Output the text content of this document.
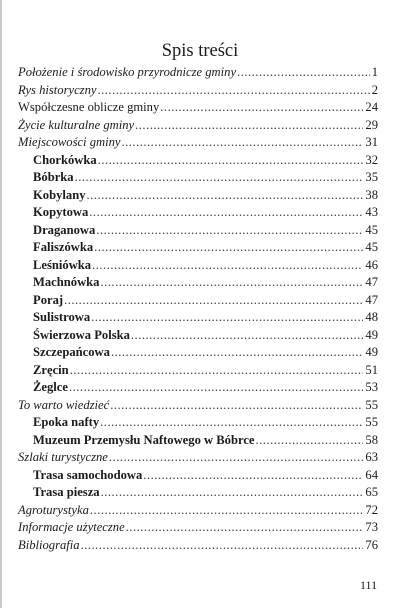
Spis treści
Położenie i środowisko przyrodnicze gminy .....	1
Rys historyczny .....	2
Współczesne oblicze gminy .....	24
Życie kulturalne gminy .....	29
Miejscowości gminy .....	31
Chorkówka .....	32
Bóbrka .....	35
Kobylany .....	38
Kopytowa .....	43
Draganowa .....	45
Faliszówka .....	45
Leśniówka .....	46
Machnówka .....	47
Poraj .....	47
Sulistrowa .....	48
Świerzowa Polska .....	49
Szczepańcowa .....	49
Zręcin .....	51
Żeglce .....	53
To warto wiedzieć .....	55
Epoka nafty .....	55
Muzeum Przemysłu Naftowego w Bóbrce .....	58
Szlaki turystyczne .....	63
Trasa samochodowa .....	64
Trasa piesza .....	65
Agroturystyka .....	72
Informacje użyteczne .....	73
Bibliografia .....	76
111
